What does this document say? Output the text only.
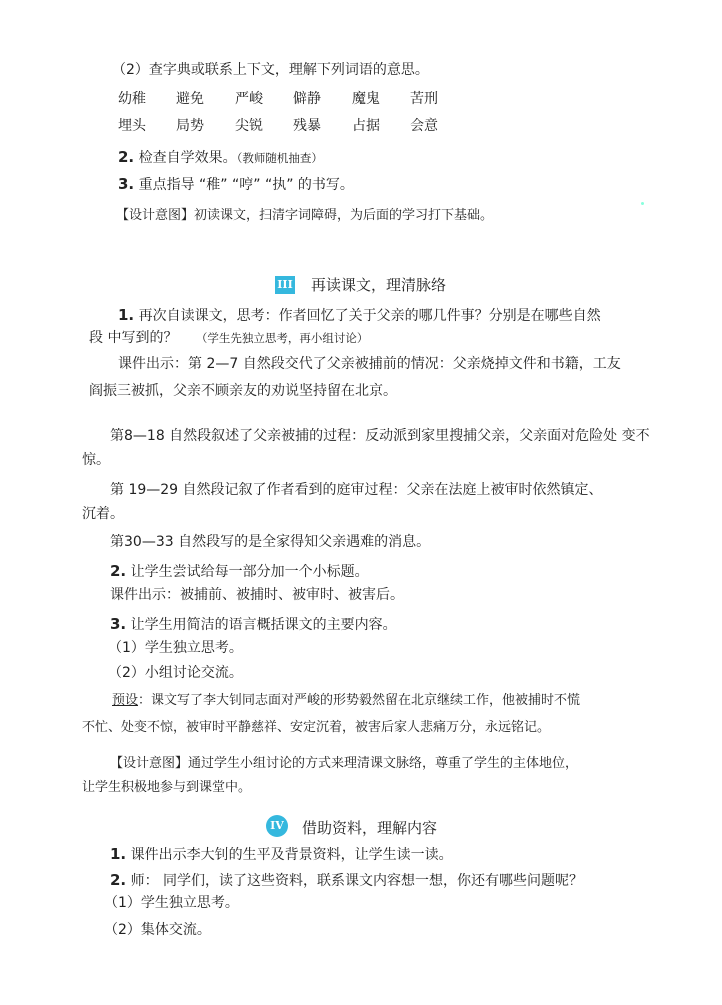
（2）查字典或联系上下文，理解下列词语的意思。
幼稚 避免 严峻 僻静 魔鬼 苦刑
埋头 局势 尖锐 残暴 占据 会意
2. 检查自学效果。（教师随机抽查）
3. 重点指导 “稚” “哼” “执” 的书写。
【设计意图】初读课文，扫清字词障碍，为后面的学习打下基础。
III 再读课文，理清脉络
1. 再次自读课文，思考：作者回忆了关于父亲的哪几件事？分别是在哪些自然
段 中写到的？ （学生先独立思考，再小组讨论）
课件出示：第 2—7 自然段交代了父亲被捕前的情况：父亲烧掉文件和书籍，工友
阎振三被抓，父亲不顾亲友的劝说坚持留在北京。
第8—18 自然段叙述了父亲被捕的过程：反动派到家里搜捕父亲，父亲面对危险处 变不
惊。
第 19—29 自然段记叙了作者看到的庭审过程：父亲在法庭上被审时依然镇定、
沉着。
第30—33 自然段写的是全家得知父亲遇难的消息。
2. 让学生尝试给每一部分加一个小标题。
课件出示：被捕前、被捕时、被审时、被害后。
3. 让学生用简洁的语言概括课文的主要内容。
（1）学生独立思考。
（2）小组讨论交流。
预设：课文写了李大钊同志面对严峻的形势毅然留在北京继续工作，他被捕时不慌
不忙、处变不惊，被审时平静慈祥、安定沉着，被害后家人悲痛万分，永远铭记。
【设计意图】通过学生小组讨论的方式来理清课文脉络，尊重了学生的主体地位，
让学生积极地参与到课堂中。
IV 借助资料，理解内容
1. 课件出示李大钊的生平及背景资料，让学生读一读。
2. 师： 同学们，读了这些资料，联系课文内容想一想，你还有哪些问题呢？
（1）学生独立思考。
（2）集体交流。
